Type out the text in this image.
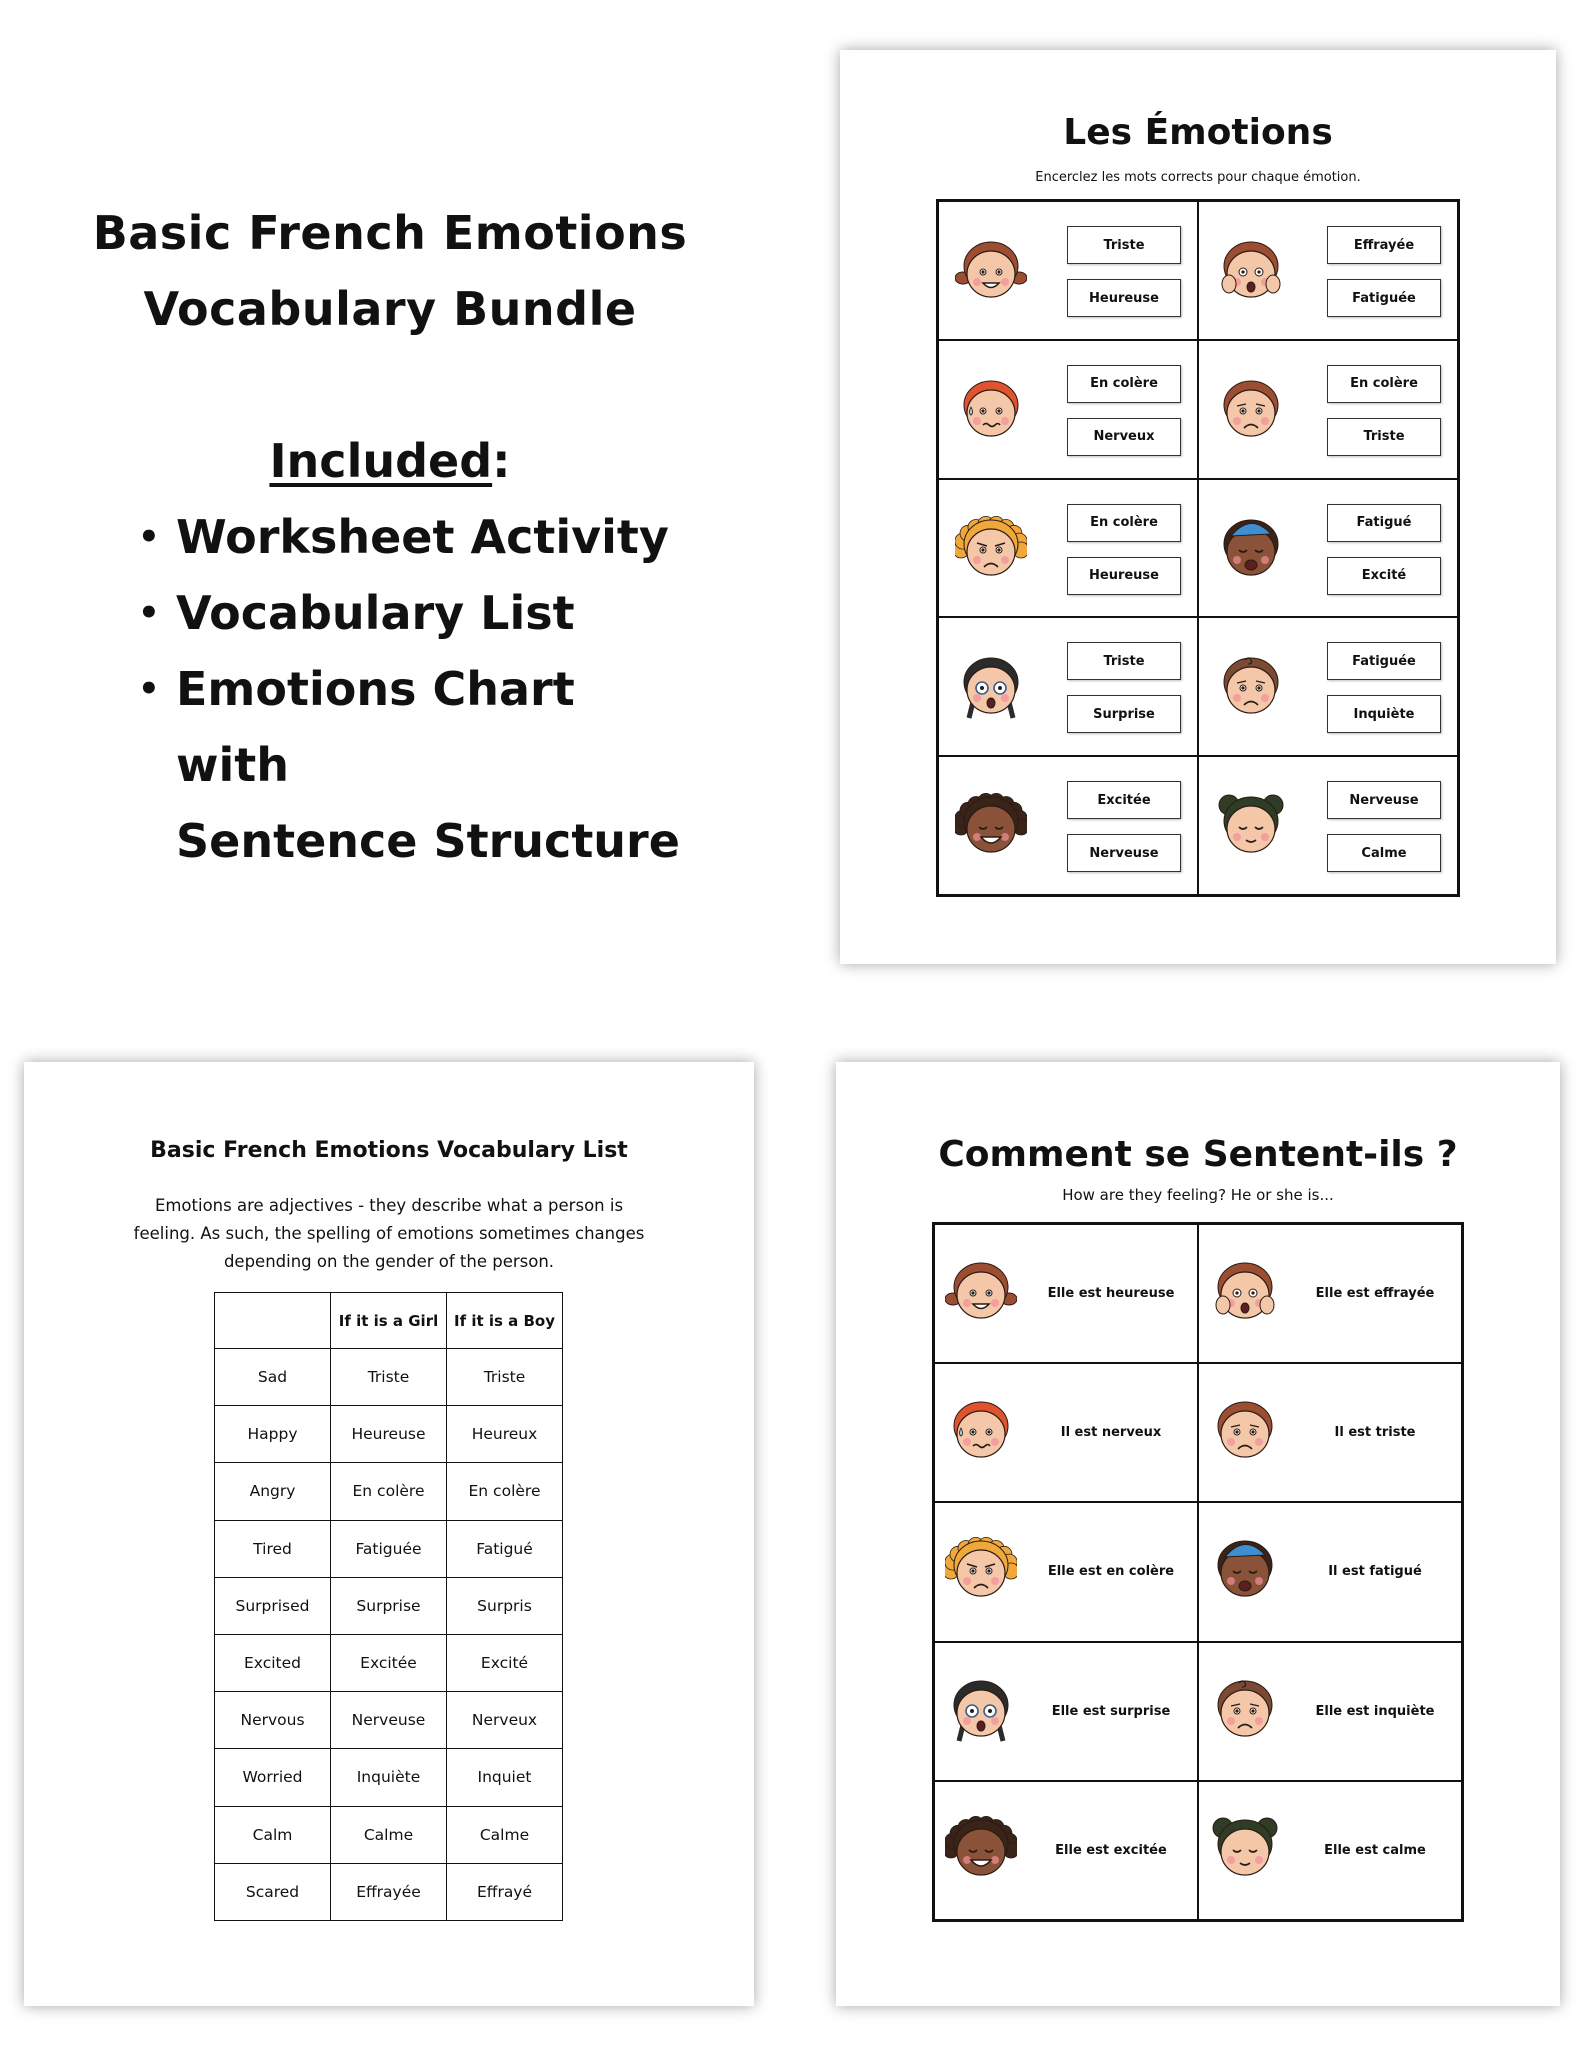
Basic French Emotions
Vocabulary Bundle
Included:
• Worksheet Activity
• Vocabulary List
• Emotions Chart with
Sentence Structure
Les Émotions
Encerclez les mots corrects pour chaque émotion.
Triste
Heureuse
Effrayée
Fatiguée
En colère
Nerveux
En colère
Triste
En colère
Heureuse
Fatigué
Excité
Triste
Surprise
Fatiguée
Inquiète
Excitée
Nerveuse
Nerveuse
Calme
Basic French Emotions Vocabulary List
Emotions are adjectives - they describe what a person is feeling. As such, the spelling of emotions sometimes changes depending on the gender of the person.
	If it is a Girl	If it is a Boy
Sad	Triste	Triste
Happy	Heureuse	Heureux
Angry	En colère	En colère
Tired	Fatiguée	Fatigué
Surprised	Surprise	Surpris
Excited	Excitée	Excité
Nervous	Nerveuse	Nerveux
Worried	Inquiète	Inquiet
Calm	Calme	Calme
Scared	Effrayée	Effrayé
Comment se Sentent-ils ?
How are they feeling? He or she is...
Elle est heureuse	Elle est effrayée
Il est nerveux	Il est triste
Elle est en colère	Il est fatigué
Elle est surprise	Elle est inquiète
Elle est excitée	Elle est calme
